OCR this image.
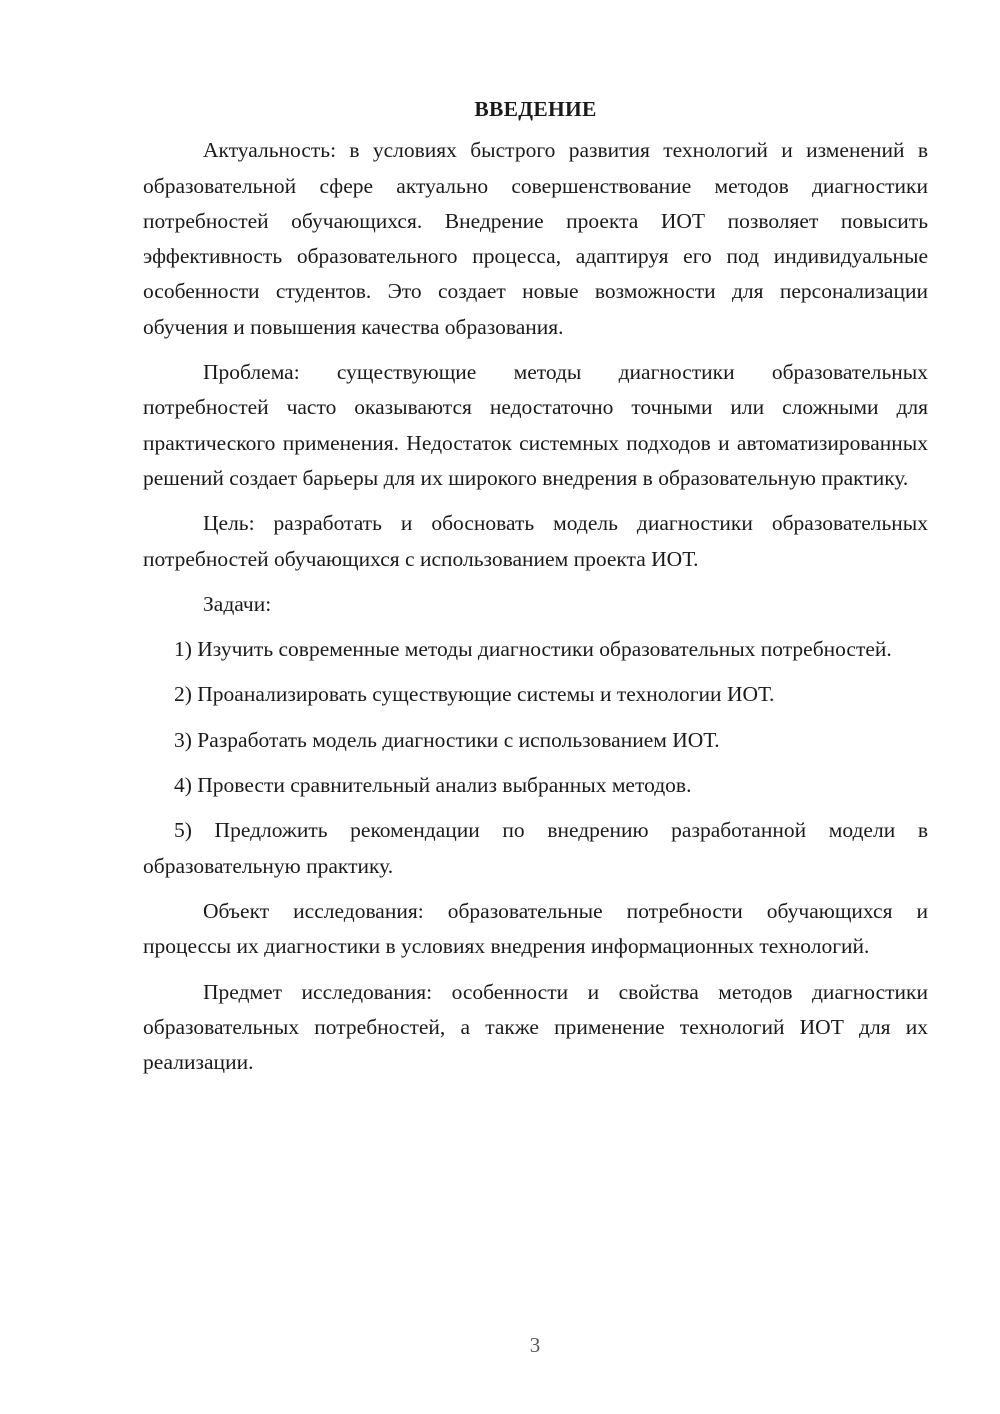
ВВЕДЕНИЕ

Актуальность: в условиях быстрого развития технологий и изменений в образовательной сфере актуально совершенствование методов диагностики потребностей обучающихся. Внедрение проекта ИОТ позволяет повысить эффективность образовательного процесса, адаптируя его под индивидуальные особенности студентов. Это создает новые возможности для персонализации обучения и повышения качества образования.

Проблема: существующие методы диагностики образовательных потребностей часто оказываются недостаточно точными или сложными для практического применения. Недостаток системных подходов и автоматизированных решений создает барьеры для их широкого внедрения в образовательную практику.

Цель: разработать и обосновать модель диагностики образовательных потребностей обучающихся с использованием проекта ИОТ.

Задачи:

1) Изучить современные методы диагностики образовательных потребностей.

2) Проанализировать существующие системы и технологии ИОТ.

3) Разработать модель диагностики с использованием ИОТ.

4) Провести сравнительный анализ выбранных методов.

5) Предложить рекомендации по внедрению разработанной модели в образовательную практику.

Объект исследования: образовательные потребности обучающихся и процессы их диагностики в условиях внедрения информационных технологий.

Предмет исследования: особенности и свойства методов диагностики образовательных потребностей, а также применение технологий ИОТ для их реализации.

3
